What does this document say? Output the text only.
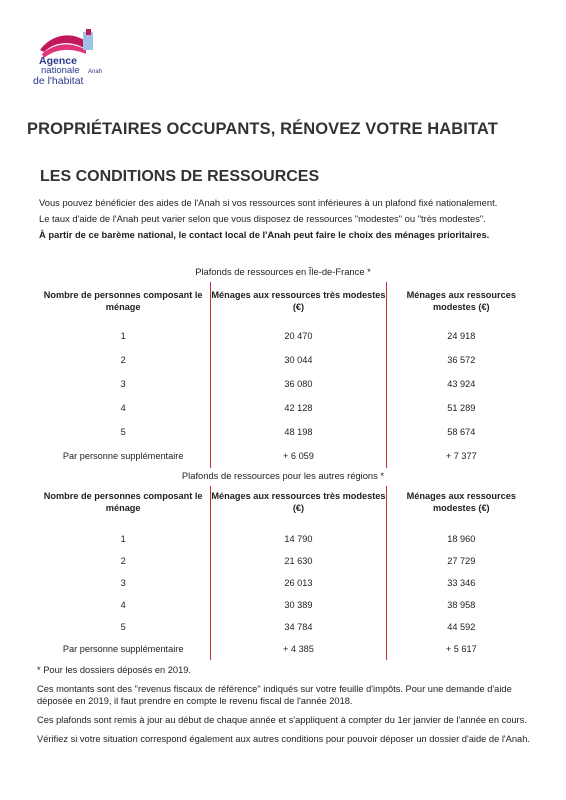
Agence
nationale
de l'habitat
Anah
PROPRIÉTAIRES OCCUPANTS, RÉNOVEZ VOTRE HABITAT
LES CONDITIONS DE RESSOURCES

Vous pouvez bénéficier des aides de l'Anah si vos ressources sont inférieures à un plafond fixé nationalement.

Le taux d'aide de l'Anah peut varier selon que vous disposez de ressources "modestes" ou "très modestes".

À partir de ce barème national, le contact local de l'Anah peut faire le choix des ménages prioritaires.

Plafonds de ressources en Île-de-France *
Nombre de personnes composant le ménage	Ménages aux ressources très modestes (€)	Ménages aux ressources modestes (€)
1	20 470	24 918
2	30 044	36 572
3	36 080	43 924
4	42 128	51 289
5	48 198	58 674
Par personne supplémentaire	+ 6 059	+ 7 377
Plafonds de ressources pour les autres régions *
Nombre de personnes composant le ménage	Ménages aux ressources très modestes (€)	Ménages aux ressources modestes (€)
1	14 790	18 960
2	21 630	27 729
3	26 013	33 346
4	30 389	38 958
5	34 784	44 592
Par personne supplémentaire	+ 4 385	+ 5 617

* Pour les dossiers déposés en 2019.

Ces montants sont des "revenus fiscaux de référence" indiqués sur votre feuille d'impôts. Pour une demande d'aide déposée en 2019, il faut prendre en compte le revenu fiscal de l'année 2018.

Ces plafonds sont remis à jour au début de chaque année et s'appliquent à compter du 1er janvier de l'année en cours.

Vérifiez si votre situation correspond également aux autres conditions pour pouvoir déposer un dossier d'aide de l'Anah.
